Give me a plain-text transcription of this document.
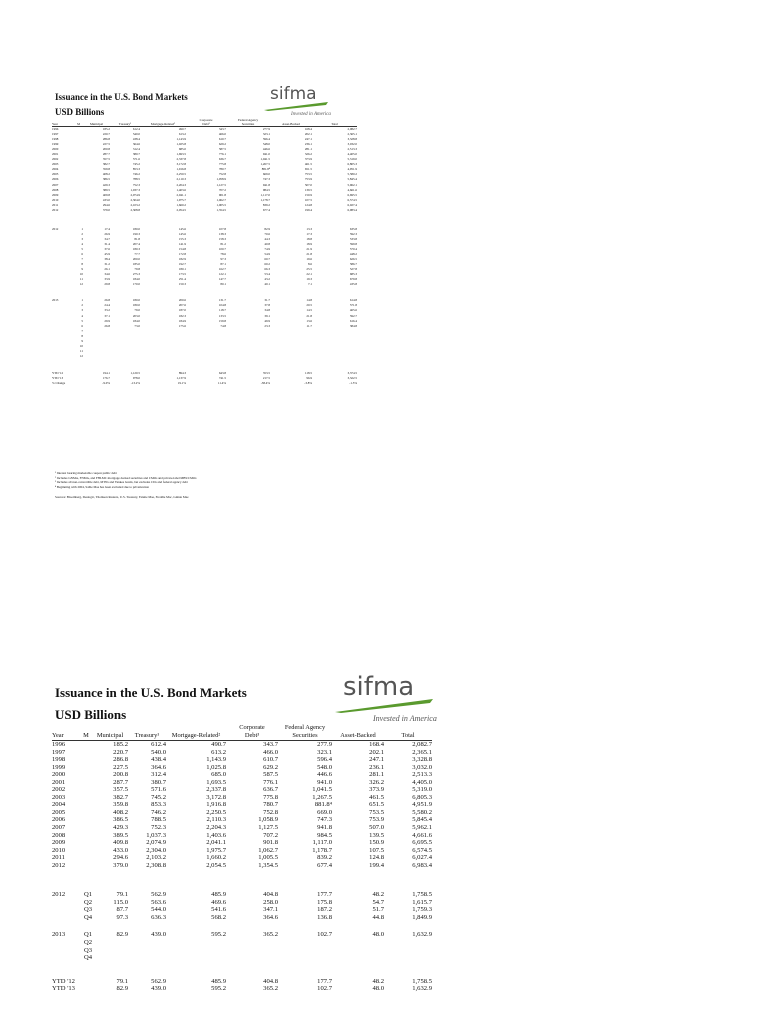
Issuance in the U.S. Bond Markets
USD Billions
sifma
Invested in America
					Corporate	Federal Agency		
Year	M	Municipal	Treasury¹	Mortgage-Related²	Debt³	Securities	Asset-Backed	Total
1996		185.2	612.4	490.7	343.7	277.9	168.4	2,082.7
1997		220.7	540.0	613.2	466.0	323.1	202.1	2,365.1
1998		286.8	438.4	1,143.9	610.7	596.4	247.1	3,328.8
1999		227.5	364.6	1,025.8	629.2	548.0	236.1	3,032.0
2000		200.8	312.4	685.0	587.5	446.6	281.1	2,513.3
2001		287.7	380.7	1,693.5	776.1	941.0	326.2	4,405.0
2002		357.5	571.6	2,337.8	636.7	1,041.5	373.9	5,319.0
2003		382.7	745.2	3,172.8	775.8	1,267.5	461.5	6,805.3
2004		359.8	853.3	1,916.8	780.7	881.8⁴	651.5	4,951.9
2005		408.2	746.2	2,250.5	752.8	669.0	753.5	5,580.2
2006		386.5	788.5	2,110.3	1,058.9	747.3	753.9	5,845.4
2007		429.3	752.3	2,204.3	1,127.5	941.8	507.0	5,962.1
2008		389.5	1,037.3	1,403.6	707.2	984.5	139.5	4,661.6
2009		409.8	2,074.9	2,041.1	901.8	1,117.0	150.9	6,695.5
2010		433.0	2,304.0	1,975.7	1,062.7	1,178.7	107.5	6,574.5
2011		294.6	2,103.2	1,660.2	1,005.5	839.2	124.8	6,027.4
2012		379.0	2,308.8	2,054.5	1,354.5	677.4	199.4	6,983.4

2012	1	17.4	180.0	145.6	107.8	82.9	13.3	635.8
	2	26.9	190.3	145.6	138.3	70.6	17.3	592.3
	3	34.7	81.8	155.3	158.3	44.3	18.8	533.8
	4	31.4	207.4	141.9	81.2	40.8	18.9	599.8
	5	37.6	180.3	154.8	100.7	74.9	21.9	570.4
	6	45.9	77.7	172.8	78.6	54.9	21.8	448.2
	7	38.4	200.0	182.9	97.3	60.7	19.6	626.5
	8	31.2	185.0	192.7	87.1	60.2	8.6	586.7
	9	26.1	79.8	180.1	162.7	66.3	25.5	527.8
	10	34.6	275.3	173.5	122.1	53.4	22.1	685.3
	11	33.9	184.0	251.4	147.7	43.2	19.3	679.8
	12	29.8	170.0	150.3	80.1	40.1	7.1	435.8

2013	1	26.8	180.0	200.6	131.7	31.7	14.8	614.8
	2	24.4	180.0	207.6	104.8	37.8	20.5	571.8
	3	33.2	79.0	187.0	118.7	34.8	14.5	465.6
	4	37.1	203.0	182.3	133.5	39.1	21.8	592.7
	5	29.9	184.0	184.9	159.8	49.9	13.6	616.4
	6	26.8	73.0	175.6	74.8	23.3	11.7	384.8
	7							
	8							
	9							
	10							
	11							
	12							

YTD '12		194.1	1,120.5	894.3	643.8	353.5	118.5	3,374.5
YTD '13		176.7	978.0	1,137.9	741.5	217.5	96.9	3,322.5
% Change		-9.0%	-13.2%	19.1%	11.4%	-38.4%	-3.8%	-1.5%
¹ Interest bearing marketable coupon public debt
² Includes GNMA, FNMA, and FHLMC mortgage-backed securities and CMOs and private-label MBS/CMOs
³ Includes all non-convertible debt, MTNs and Yankee bonds, but excludes CDs and federal agency debt
⁴ Beginning with 2004, Sallie Mae has been excluded due to privatization
Sources: Bloomberg, Dealogic, Thomson Reuters, U.S. Treasury, Fannie Mae, Freddie Mac, Ginnie Mae
Issuance in the U.S. Bond Markets
USD Billions
sifma
Invested in America
					Corporate	Federal Agency		
Year	M	Municipal	Treasury¹	Mortgage-Related²	Debt³	Securities	Asset-Backed	Total
1996		185.2	612.4	490.7	343.7	277.9	168.4	2,082.7
1997		220.7	540.0	613.2	466.0	323.1	202.1	2,365.1
1998		286.8	438.4	1,143.9	610.7	596.4	247.1	3,328.8
1999		227.5	364.6	1,025.8	629.2	548.0	236.1	3,032.0
2000		200.8	312.4	685.0	587.5	446.6	281.1	2,513.3
2001		287.7	380.7	1,693.5	776.1	941.0	326.2	4,405.0
2002		357.5	571.6	2,337.8	636.7	1,041.5	373.9	5,319.0
2003		382.7	745.2	3,172.8	775.8	1,267.5	461.5	6,805.3
2004		359.8	853.3	1,916.8	780.7	881.8⁴	651.5	4,951.9
2005		408.2	746.2	2,250.5	752.8	669.0	753.5	5,580.2
2006		386.5	788.5	2,110.3	1,058.9	747.3	753.9	5,845.4
2007		429.3	752.3	2,204.3	1,127.5	941.8	507.0	5,962.1
2008		389.5	1,037.3	1,403.6	707.2	984.5	139.5	4,661.6
2009		409.8	2,074.9	2,041.1	901.8	1,117.0	150.9	6,695.5
2010		433.0	2,304.0	1,975.7	1,062.7	1,178.7	107.5	6,574.5
2011		294.6	2,103.2	1,660.2	1,005.5	839.2	124.8	6,027.4
2012		379.0	2,308.8	2,054.5	1,354.5	677.4	199.4	6,983.4

2012	Q1	79.1	562.9	485.9	404.8	177.7	48.2	1,758.5
	Q2	115.0	563.6	469.6	258.0	175.8	54.7	1,615.7
	Q3	87.7	544.0	541.6	347.1	187.2	51.7	1,759.3
	Q4	97.3	636.3	568.2	364.6	136.8	44.8	1,849.9

2013	Q1	82.9	439.0	595.2	365.2	102.7	48.0	1,632.9
	Q2							
	Q3							
	Q4							

YTD '12		79.1	562.9	485.9	404.8	177.7	48.2	1,758.5
YTD '13		82.9	439.0	595.2	365.2	102.7	48.0	1,632.9
